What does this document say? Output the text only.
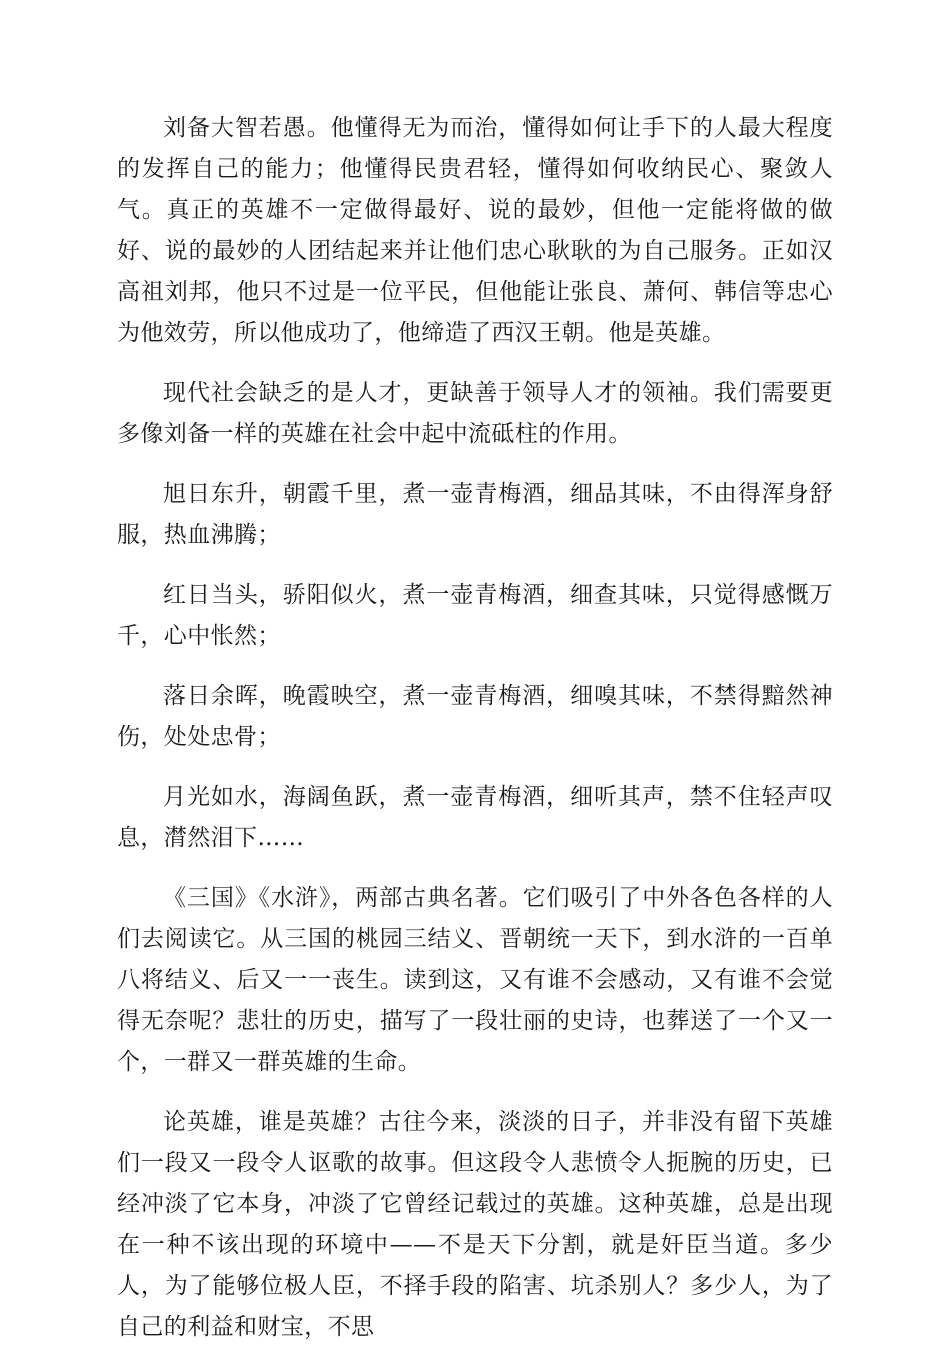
刘备大智若愚。他懂得无为而治，懂得如何让手下的人最大程度的发挥自己的能力；他懂得民贵君轻，懂得如何收纳民心、聚敛人气。真正的英雄不一定做得最好、说的最妙，但他一定能将做的做好、说的最妙的人团结起来并让他们忠心耿耿的为自己服务。正如汉高祖刘邦，他只不过是一位平民，但他能让张良、萧何、韩信等忠心为他效劳，所以他成功了，他缔造了西汉王朝。他是英雄。

现代社会缺乏的是人才，更缺善于领导人才的领袖。我们需要更多像刘备一样的英雄在社会中起中流砥柱的作用。

旭日东升，朝霞千里，煮一壶青梅酒，细品其味，不由得浑身舒服，热血沸腾；

红日当头，骄阳似火，煮一壶青梅酒，细查其味，只觉得感慨万千，心中怅然；

落日余晖，晚霞映空，煮一壶青梅酒，细嗅其味，不禁得黯然神伤，处处忠骨；

月光如水，海阔鱼跃，煮一壶青梅酒，细听其声，禁不住轻声叹息，潸然泪下……

《三国》《水浒》，两部古典名著。它们吸引了中外各色各样的人们去阅读它。从三国的桃园三结义、晋朝统一天下，到水浒的一百单八将结义、后又一一丧生。读到这，又有谁不会感动，又有谁不会觉得无奈呢？悲壮的历史，描写了一段壮丽的史诗，也葬送了一个又一个，一群又一群英雄的生命。

论英雄，谁是英雄？古往今来，淡淡的日子，并非没有留下英雄们一段又一段令人讴歌的故事。但这段令人悲愤令人扼腕的历史，已经冲淡了它本身，冲淡了它曾经记载过的英雄。这种英雄，总是出现在一种不该出现的环境中——不是天下分割，就是奸臣当道。多少人，为了能够位极人臣，不择手段的陷害、坑杀别人？多少人，为了自己的利益和财宝，不思
